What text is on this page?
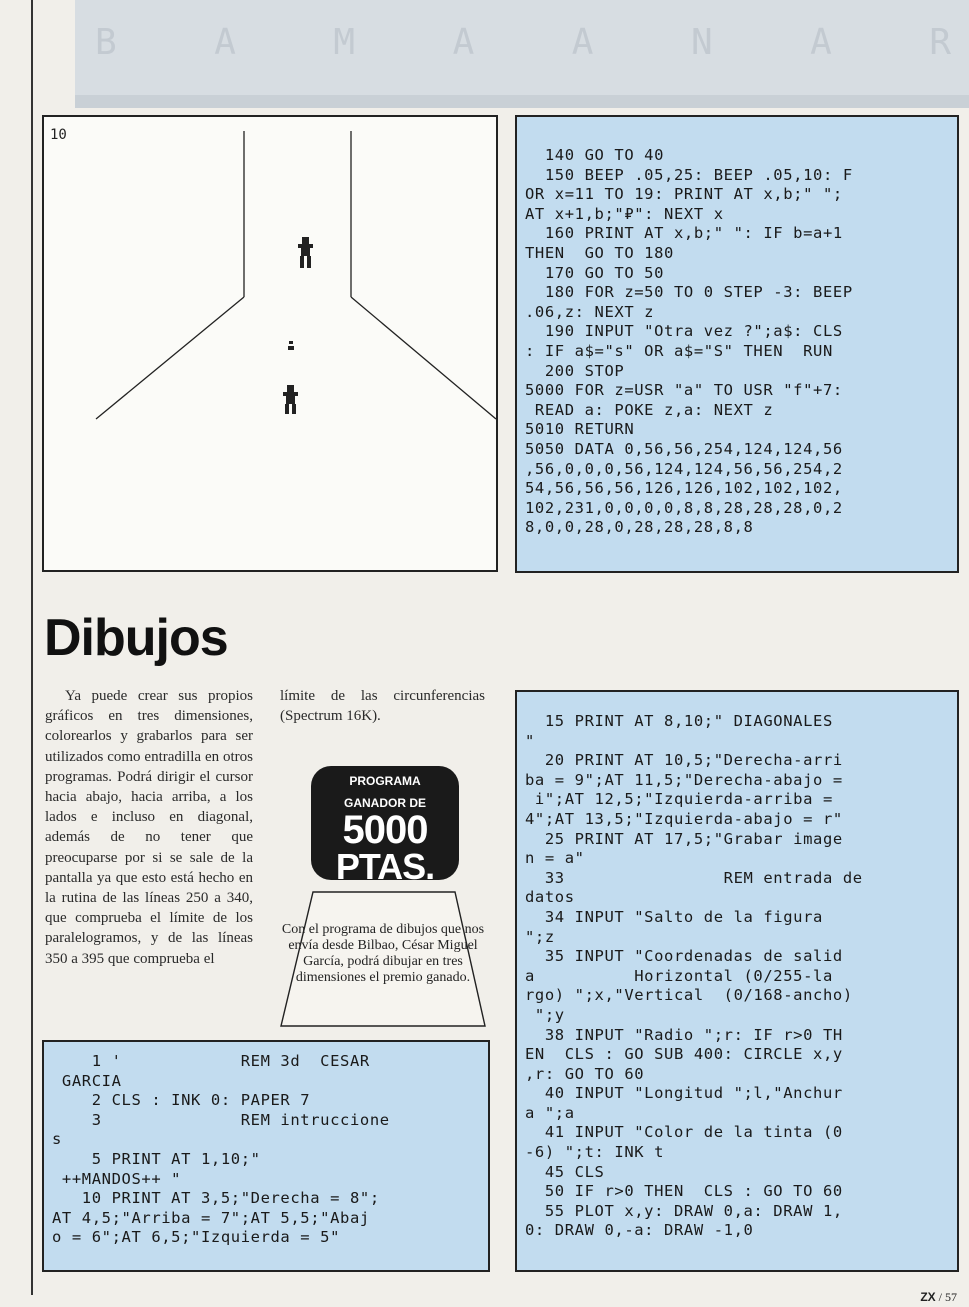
B	A	M	A	A	N	A	R
10
140 GO TO 40
150 BEEP .05,25: BEEP .05,10: F
OR x=11 TO 19: PRINT AT x,b;" ";
AT x+1,b;"₽": NEXT x
160 PRINT AT x,b;" ": IF b=a+1
THEN  GO TO 180
170 GO TO 50
180 FOR z=50 TO 0 STEP -3: BEEP
.06,z: NEXT z
190 INPUT "Otra vez ?";a$: CLS
: IF a$="s" OR a$="S" THEN  RUN
200 STOP
5000 FOR z=USR "a" TO USR "f"+7:
READ a: POKE z,a: NEXT z
5010 RETURN
5050 DATA 0,56,56,254,124,124,56
,56,0,0,0,56,124,124,56,56,254,2
54,56,56,56,126,126,102,102,102,
102,231,0,0,0,0,8,8,28,28,28,0,2
8,0,0,28,0,28,28,28,8,8
Dibujos
Ya puede crear sus propios gráficos en tres dimensiones, colorearlos y grabarlos para ser utilizados como entradilla en otros programas. Podrá dirigir el cursor hacia abajo, hacia arriba, a los lados e incluso en diagonal, además de no tener que preocuparse por si se sale de la pantalla ya que esto está hecho en la rutina de las líneas 250 a 340, que comprueba el límite de los paralelogramos, y de las líneas 350 a 395 que comprueba el
límite de las circunferencias (Spectrum 16K).
PROGRAMA
GANADOR DE
5000
PTAS.
Con el programa de dibujos que nos envía desde Bilbao, César Miguel García, podrá dibujar en tres dimensiones el premio ganado.
15 PRINT AT 8,10;" DIAGONALES
"
20 PRINT AT 10,5;"Derecha-arri
ba = 9";AT 11,5;"Derecha-abajo =
i";AT 12,5;"Izquierda-arriba =
4";AT 13,5;"Izquierda-abajo = r"
25 PRINT AT 17,5;"Grabar image
n = a"
33                REM entrada de
datos
34 INPUT "Salto de la figura
";z
35 INPUT "Coordenadas de salid
a          Horizontal (0/255-la
rgo) ";x,"Vertical  (0/168-ancho)
";y
38 INPUT "Radio ";r: IF r>0 TH
EN  CLS : GO SUB 400: CIRCLE x,y
,r: GO TO 60
40 INPUT "Longitud ";l,"Anchur
a ";a
41 INPUT "Color de la tinta (0
-6) ";t: INK t
45 CLS
50 IF r>0 THEN  CLS : GO TO 60
55 PLOT x,y: DRAW 0,a: DRAW 1,
0: DRAW 0,-a: DRAW -1,0
1 '            REM 3d  CESAR
GARCIA
2 CLS : INK 0: PAPER 7
3              REM intruccione
s
5 PRINT AT 1,10;"
++MANDOS++ "
10 PRINT AT 3,5;"Derecha = 8";
AT 4,5;"Arriba = 7";AT 5,5;"Abaj
o = 6";AT 6,5;"Izquierda = 5"
ZX / 57
